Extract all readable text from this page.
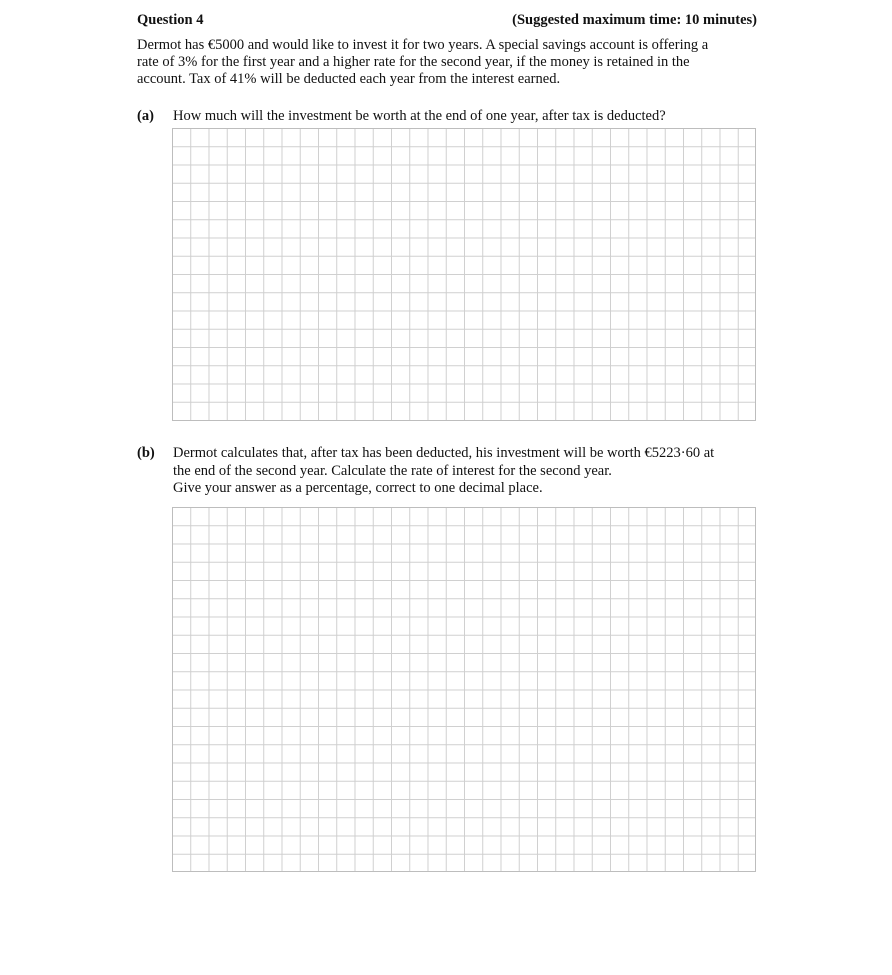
Question 4	(Suggested maximum time: 10 minutes)
Dermot has €5000 and would like to invest it for two years. A special savings account is offering a
rate of 3% for the first year and a higher rate for the second year, if the money is retained in the
account. Tax of 41% will be deducted each year from the interest earned.
(a) How much will the investment be worth at the end of one year, after tax is deducted?
(b) Dermot calculates that, after tax has been deducted, his investment will be worth €5223·60 at
the end of the second year. Calculate the rate of interest for the second year.
Give your answer as a percentage, correct to one decimal place.
